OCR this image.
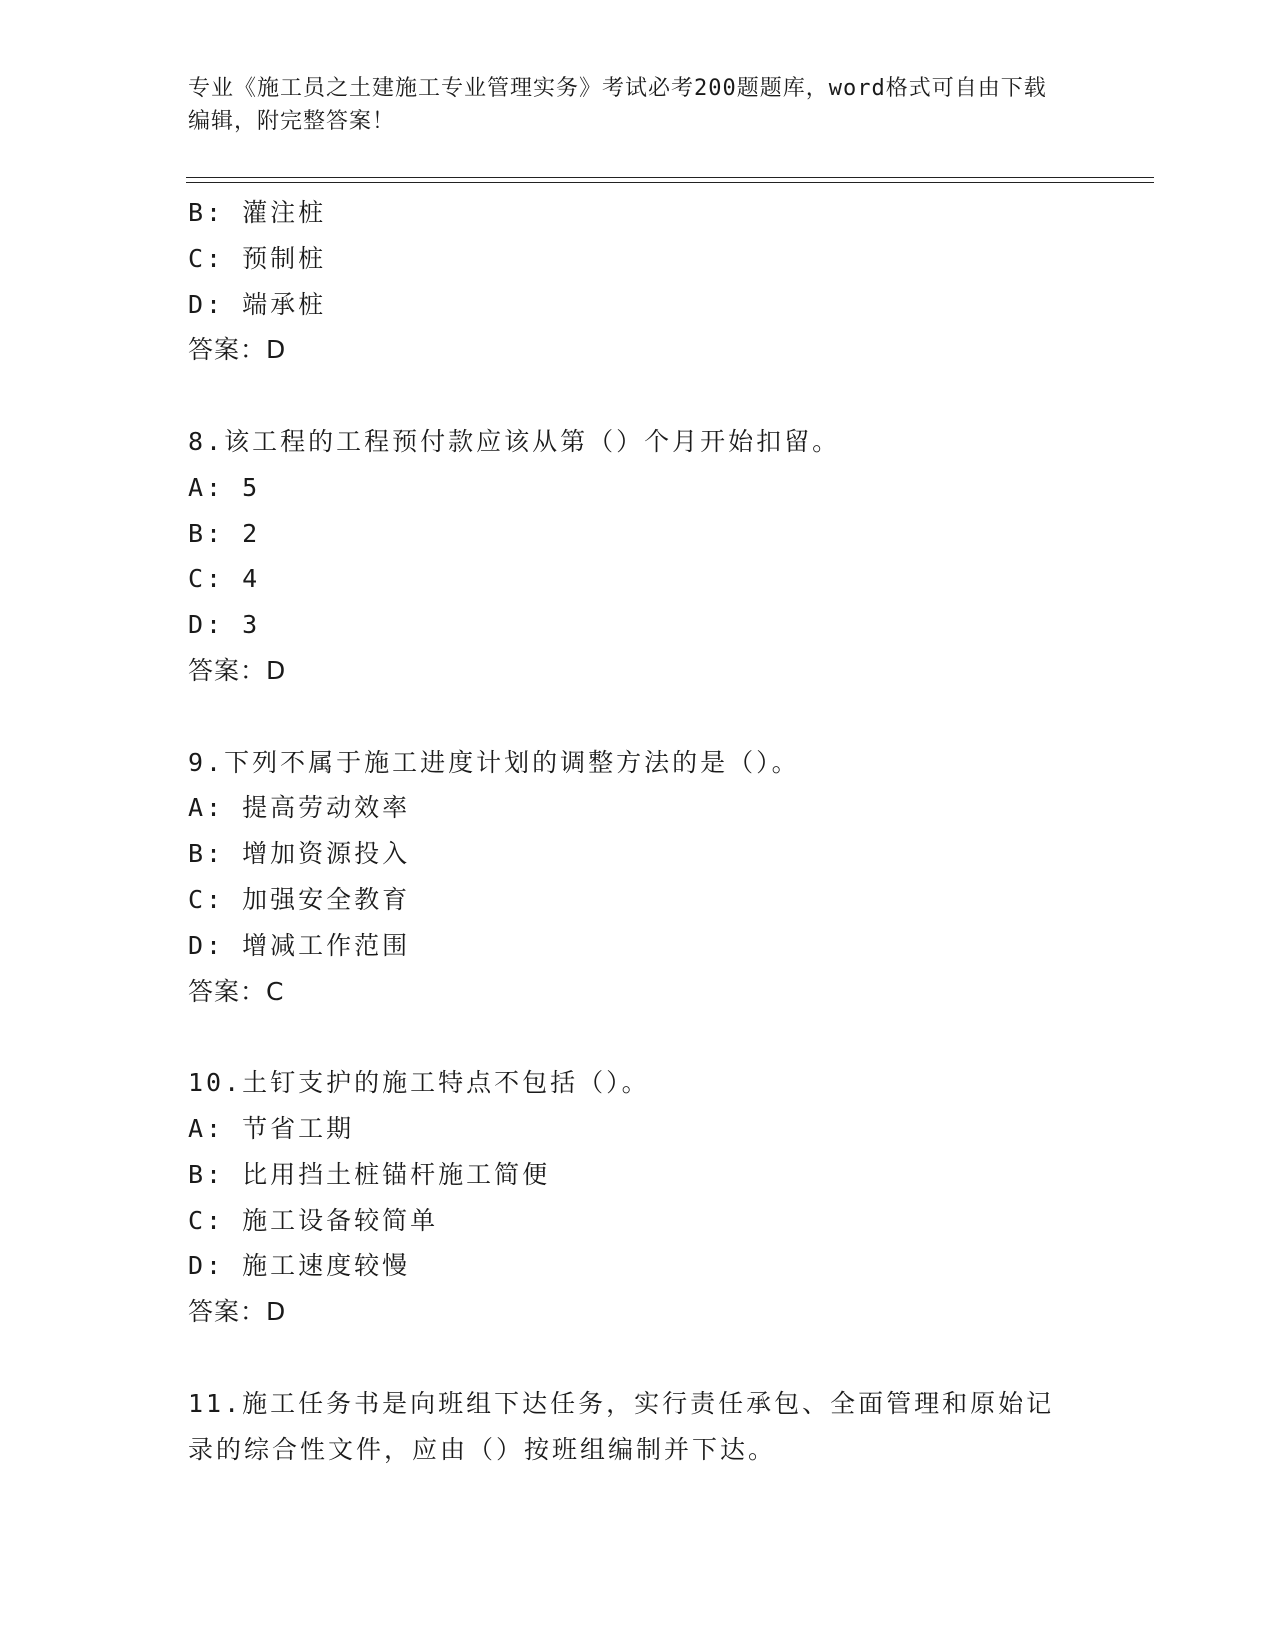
专业《施工员之土建施工专业管理实务》考试必考200题题库，word格式可自由下载编辑，附完整答案！
B: 灌注桩
C: 预制桩
D: 端承桩
答案：D
8.该工程的工程预付款应该从第（）个月开始扣留。
A: 5
B: 2
C: 4
D: 3
答案：D
9.下列不属于施工进度计划的调整方法的是（）。
A: 提高劳动效率
B: 增加资源投入
C: 加强安全教育
D: 增减工作范围
答案：C
10.土钉支护的施工特点不包括（）。
A: 节省工期
B: 比用挡土桩锚杆施工简便
C: 施工设备较简单
D: 施工速度较慢
答案：D
11.施工任务书是向班组下达任务，实行责任承包、全面管理和原始记
录的综合性文件，应由（）按班组编制并下达。
